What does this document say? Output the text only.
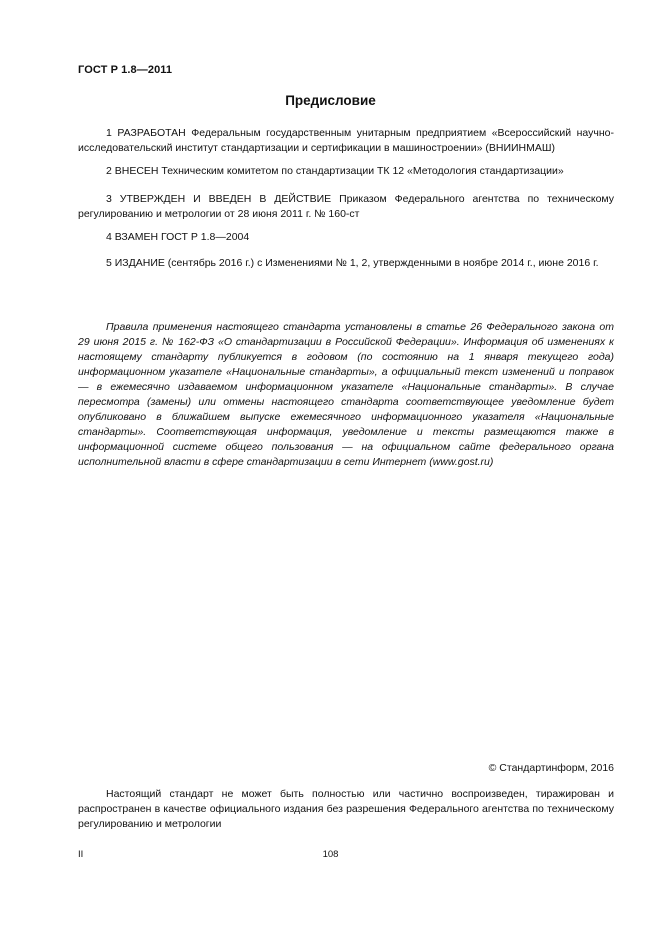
ГОСТ Р 1.8—2011
Предисловие

1 РАЗРАБОТАН Федеральным государственным унитарным предприятием «Всероссийский научно-исследовательский институт стандартизации и сертификации в машиностроении» (ВНИИНМАШ)

2 ВНЕСЕН Техническим комитетом по стандартизации ТК 12 «Методология стандартизации»

3 УТВЕРЖДЕН И ВВЕДЕН В ДЕЙСТВИЕ Приказом Федерального агентства по техническому регулированию и метрологии от 28 июня 2011 г. № 160-ст

4 ВЗАМЕН ГОСТ Р 1.8—2004

5 ИЗДАНИЕ (сентябрь 2016 г.) с Изменениями № 1, 2, утвержденными в ноябре 2014 г., июне 2016 г.

Правила применения настоящего стандарта установлены в статье 26 Федерального закона от 29 июня 2015 г. № 162-ФЗ «О стандартизации в Российской Федерации». Информация об изменениях к настоящему стандарту публикуется в годовом (по состоянию на 1 января текущего года) информационном указателе «Национальные стандарты», а официальный текст изменений и поправок — в ежемесячно издаваемом информационном указателе «Национальные стандарты». В случае пересмотра (замены) или отмены настоящего стандарта соответствующее уведомление будет опубликовано в ближайшем выпуске ежемесячного информационного указателя «Национальные стандарты». Соответствующая информация, уведомление и тексты размещаются также в информационной системе общего пользования — на официальном сайте федерального органа исполнительной власти в сфере стандартизации в сети Интернет (www.gost.ru)

© Стандартинформ, 2016

Настоящий стандарт не может быть полностью или частично воспроизведен, тиражирован и распространен в качестве официального издания без разрешения Федерального агентства по техническому регулированию и метрологии

II	108
